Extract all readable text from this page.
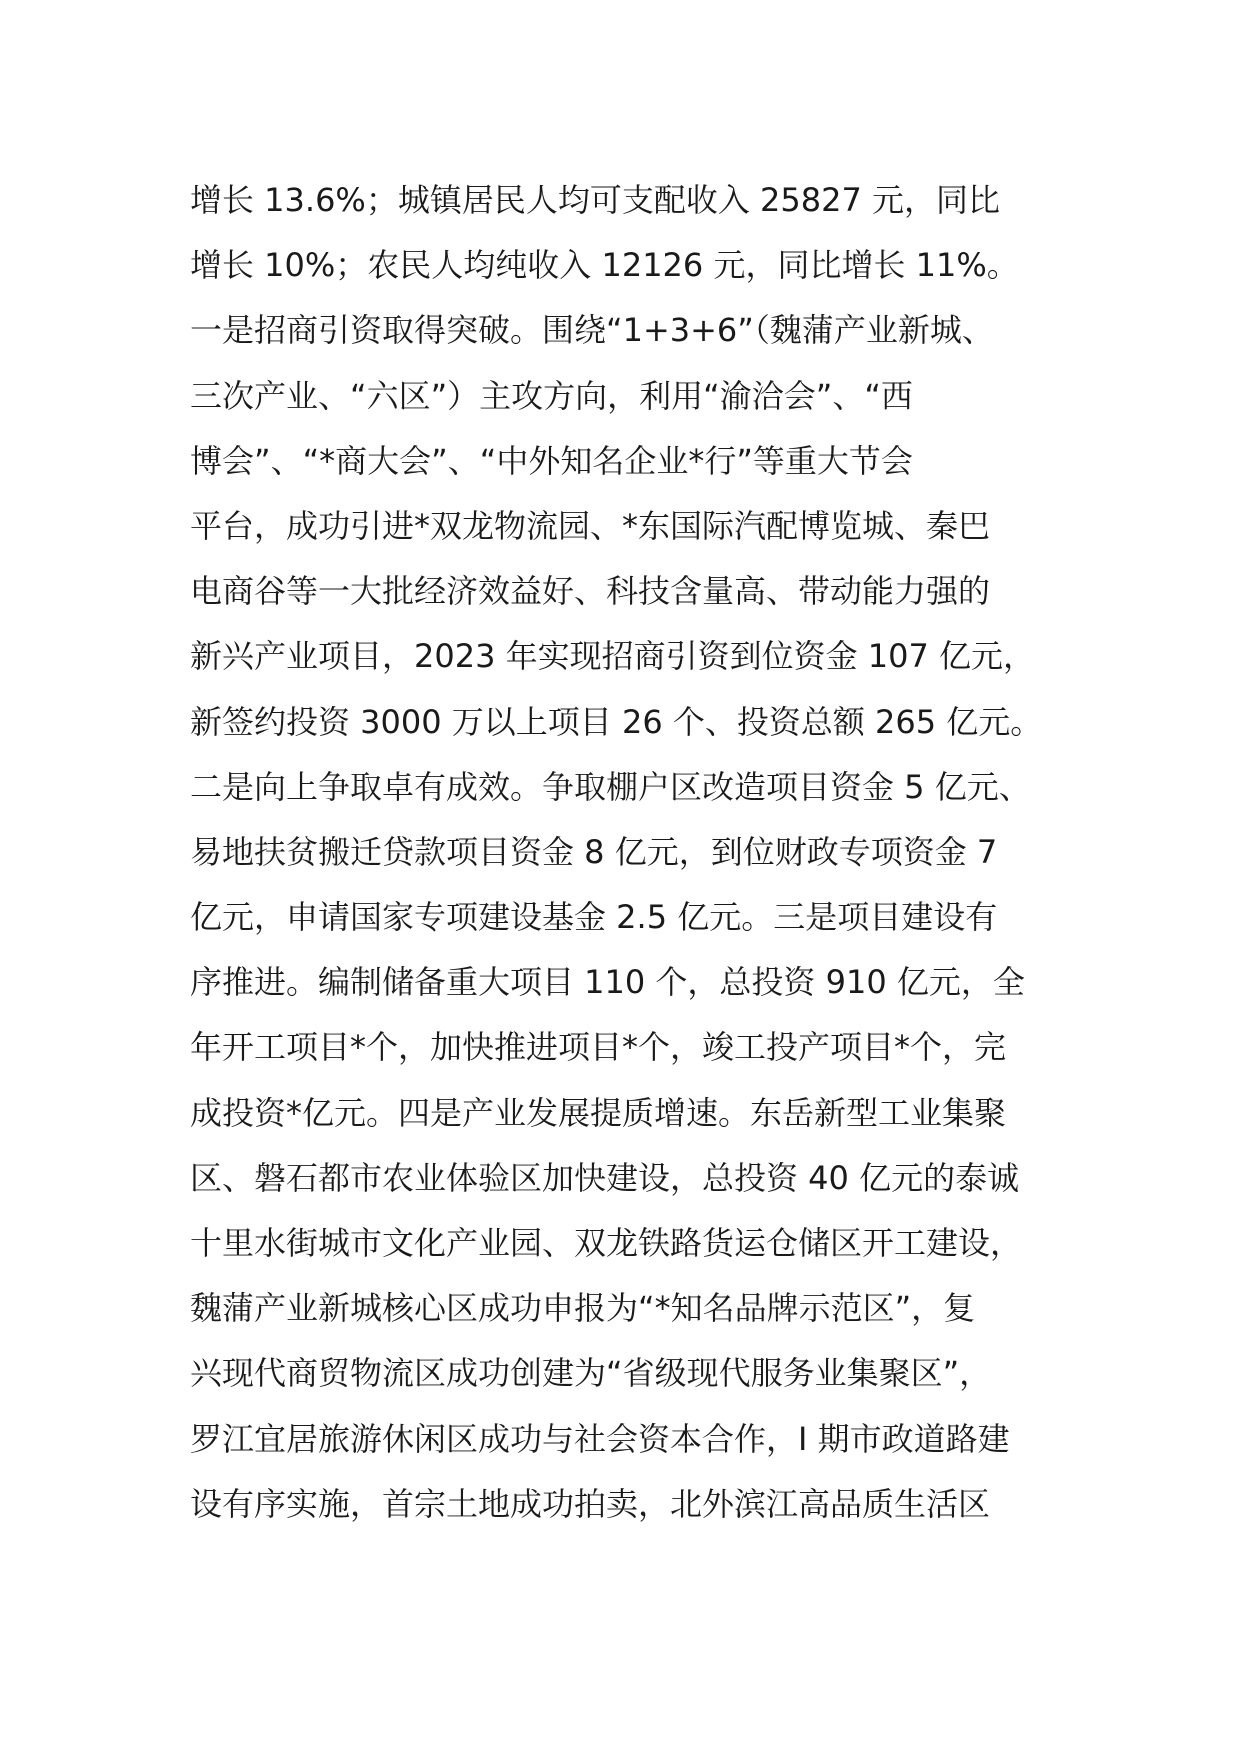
增长 13.6%；城镇居民人均可支配收入 25827 元，同比
增长 10%；农民人均纯收入 12126 元，同比增长 11%。
一是招商引资取得突破。围绕“1+3+6”（魏蒲产业新城、
三次产业、“六区”）主攻方向，利用“渝洽会”、“西
博会”、“*商大会”、“中外知名企业*行”等重大节会
平台，成功引进*双龙物流园、*东国际汽配博览城、秦巴
电商谷等一大批经济效益好、科技含量高、带动能力强的
新兴产业项目，2023 年实现招商引资到位资金 107 亿元，
新签约投资 3000 万以上项目 26 个、投资总额 265 亿元。
二是向上争取卓有成效。争取棚户区改造项目资金 5 亿元、
易地扶贫搬迁贷款项目资金 8 亿元，到位财政专项资金 7
亿元，申请国家专项建设基金 2.5 亿元。三是项目建设有
序推进。编制储备重大项目 110 个，总投资 910 亿元，全
年开工项目*个，加快推进项目*个，竣工投产项目*个，完
成投资*亿元。四是产业发展提质增速。东岳新型工业集聚
区、磐石都市农业体验区加快建设，总投资 40 亿元的泰诚
十里水街城市文化产业园、双龙铁路货运仓储区开工建设，
魏蒲产业新城核心区成功申报为“*知名品牌示范区”，复
兴现代商贸物流区成功创建为“省级现代服务业集聚区”，
罗江宜居旅游休闲区成功与社会资本合作，I 期市政道路建
设有序实施，首宗土地成功拍卖，北外滨江高品质生活区
